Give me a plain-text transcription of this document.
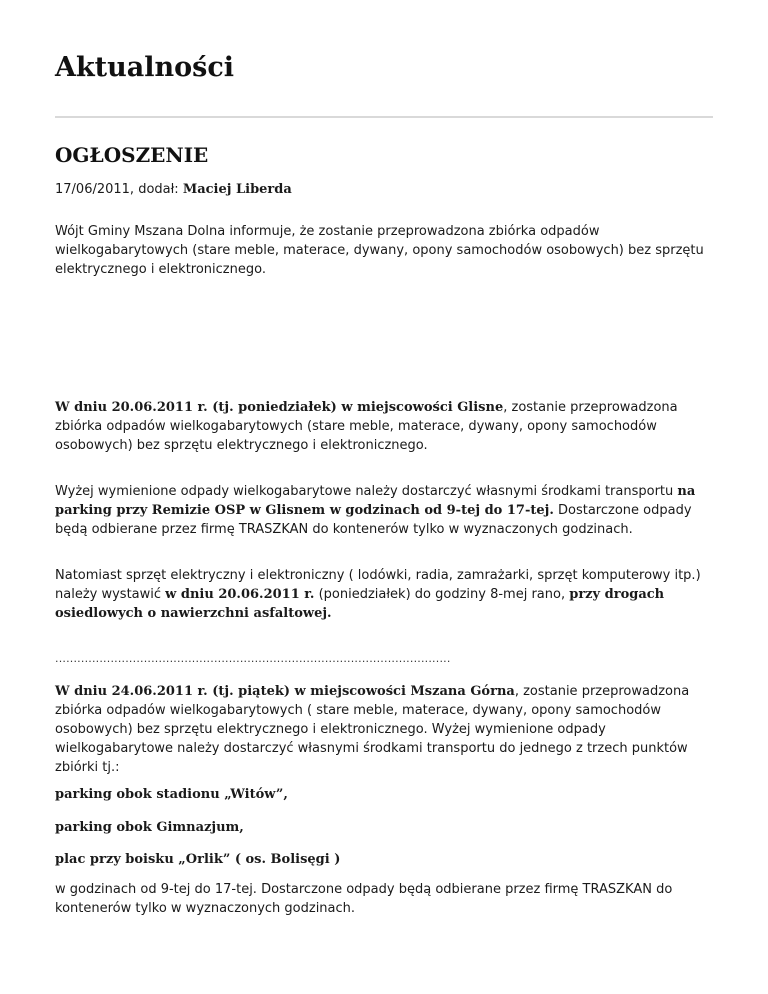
Aktualności
OGŁOSZENIE
17/06/2011, dodał: Maciej Liberda

Wójt Gminy Mszana Dolna informuje, że zostanie przeprowadzona zbiórka odpadów wielkogabarytowych (stare meble, materace, dywany, opony samochodów osobowych) bez sprzętu elektrycznego i elektronicznego.

W dniu 20.06.2011 r. (tj. poniedziałek) w miejscowości Glisne, zostanie przeprowadzona zbiórka odpadów wielkogabarytowych (stare meble, materace, dywany, opony samochodów osobowych) bez sprzętu elektrycznego i elektronicznego.

Wyżej wymienione odpady wielkogabarytowe należy dostarczyć własnymi środkami transportu na parking przy Remizie OSP w Glisnem w godzinach od 9-tej do 17-tej. Dostarczone odpady będą odbierane przez firmę TRASZKAN do kontenerów tylko w wyznaczonych godzinach.

Natomiast sprzęt elektryczny i elektroniczny ( lodówki, radia, zamrażarki, sprzęt komputerowy itp.) należy wystawić w dniu 20.06.2011 r. (poniedziałek) do godziny 8-mej rano, przy drogach osiedlowych o nawierzchni asfaltowej.

...........................................................................................................

W dniu 24.06.2011 r. (tj. piątek) w miejscowości Mszana Górna, zostanie przeprowadzona zbiórka odpadów wielkogabarytowych ( stare meble, materace, dywany, opony samochodów osobowych) bez sprzętu elektrycznego i elektronicznego. Wyżej wymienione odpady wielkogabarytowe należy dostarczyć własnymi środkami transportu do jednego z trzech punktów zbiórki tj.:

parking obok stadionu „Witów”,

parking obok Gimnazjum,

plac przy boisku „Orlik” ( os. Bolisęgi )

w godzinach od 9-tej do 17-tej. Dostarczone odpady będą odbierane przez firmę TRASZKAN do kontenerów tylko w wyznaczonych godzinach.
